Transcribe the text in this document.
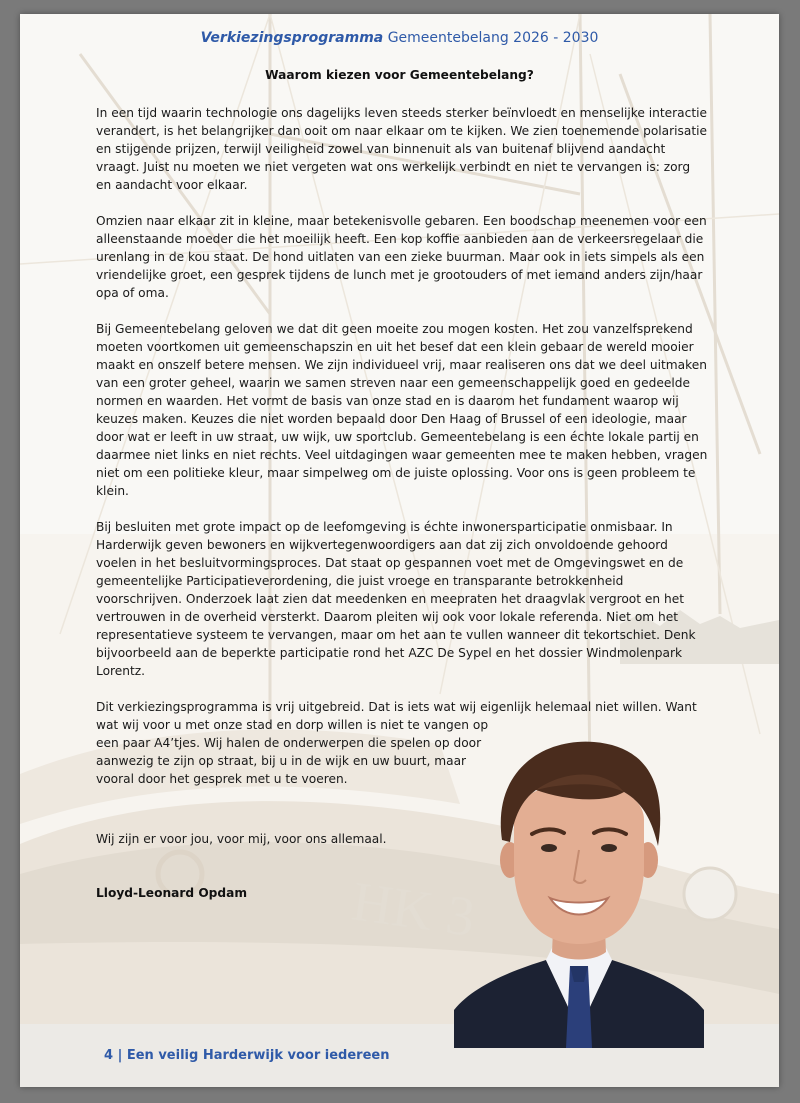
HK 3
Verkiezingsprogramma Gemeentebelang 2026 - 2030
Waarom kiezen voor Gemeentebelang?

In een tijd waarin technologie ons dagelijks leven steeds sterker beïnvloedt en menselijke interactie verandert, is het belangrijker dan ooit om naar elkaar om te kijken. We zien toenemende polarisatie en stijgende prijzen, terwijl veiligheid zowel van binnenuit als van buitenaf blijvend aandacht vraagt. Juist nu moeten we niet vergeten wat ons werkelijk verbindt en niet te vervangen is: zorg en aandacht voor elkaar.

Omzien naar elkaar zit in kleine, maar betekenisvolle gebaren. Een boodschap meenemen voor een alleenstaande moeder die het moeilijk heeft. Een kop koffie aanbieden aan de verkeersregelaar die urenlang in de kou staat. De hond uitlaten van een zieke buurman. Maar ook in iets simpels als een vriendelijke groet, een gesprek tijdens de lunch met je grootouders of met iemand anders zijn/haar opa of oma.

Bij Gemeentebelang geloven we dat dit geen moeite zou mogen kosten. Het zou vanzelfsprekend moeten voortkomen uit gemeenschapszin en uit het besef dat een klein gebaar de wereld mooier maakt en onszelf betere mensen. We zijn individueel vrij, maar realiseren ons dat we deel uitmaken van een groter geheel, waarin we samen streven naar een gemeenschappelijk goed en gedeelde normen en waarden. Het vormt de basis van onze stad en is daarom het fundament waarop wij keuzes maken. Keuzes die niet worden bepaald door Den Haag of Brussel of een ideologie, maar door wat er leeft in uw straat, uw wijk, uw sportclub. Gemeentebelang is een échte lokale partij en daarmee niet links en niet rechts. Veel uitdagingen waar gemeenten mee te maken hebben, vragen niet om een politieke kleur, maar simpelweg om de juiste oplossing. Voor ons is geen probleem te klein.

Bij besluiten met grote impact op de leefomgeving is échte inwonersparticipatie onmisbaar. In Harderwijk geven bewoners en wijkvertegenwoordigers aan dat zij zich onvoldoende gehoord voelen in het besluitvormingsproces. Dat staat op gespannen voet met de Omgevingswet en de gemeentelijke Participatieverordening, die juist vroege en transparante betrokkenheid voorschrijven. Onderzoek laat zien dat meedenken en meepraten het draagvlak vergroot en het vertrouwen in de overheid versterkt. Daarom pleiten wij ook voor lokale referenda. Niet om het representatieve systeem te vervangen, maar om het aan te vullen wanneer dit tekortschiet. Denk bijvoorbeeld aan de beperkte participatie rond het AZC De Sypel en het dossier Windmolenpark Lorentz.

Dit verkiezingsprogramma is vrij uitgebreid. Dat is iets wat wij eigenlijk helemaal niet willen. Want
wat wij voor u met onze stad en dorp willen is niet te vangen op
een paar A4’tjes. Wij halen de onderwerpen die spelen op door
aanwezig te zijn op straat, bij u in de wijk en uw buurt, maar
vooral door het gesprek met u te voeren.

Wij zijn er voor jou, voor mij, voor ons allemaal.
Lloyd-Leonard Opdam
4 | Een veilig Harderwijk voor iedereen
